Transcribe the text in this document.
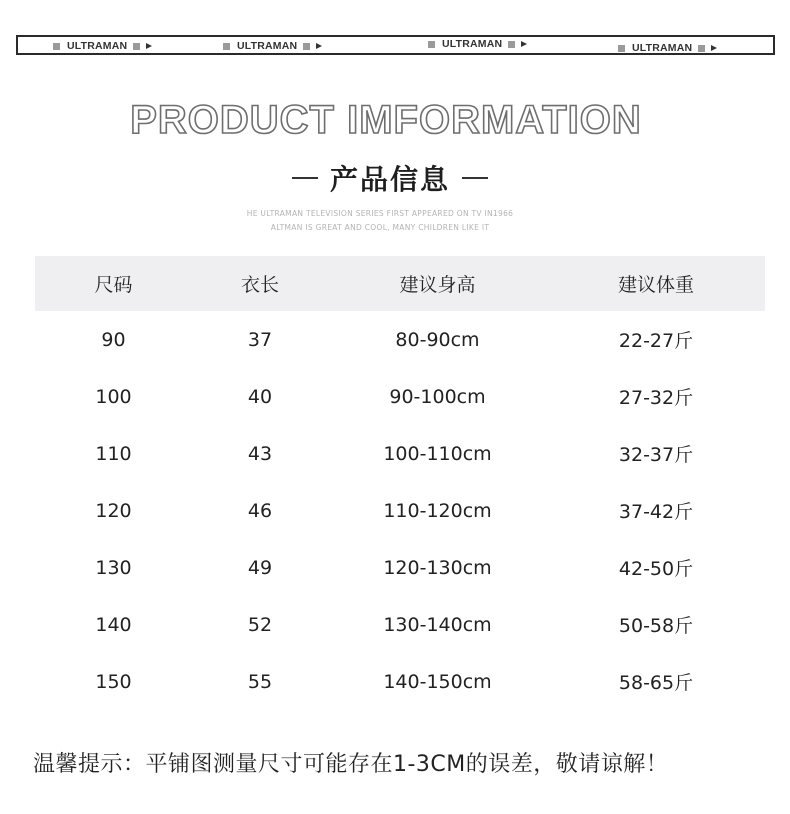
ULTRAMAN	ULTRAMAN	ULTRAMAN	ULTRAMAN
PRODUCT IMFORMATION
产品信息
HE ULTRAMAN TELEVISION SERIES FIRST APPEARED ON TV IN1966
ALTMAN IS GREAT AND COOL, MANY CHILDREN LIKE IT
尺码	衣长	建议身高	建议体重
90	37	80-90cm	22-27斤
100	40	90-100cm	27-32斤
110	43	100-110cm	32-37斤
120	46	110-120cm	37-42斤
130	49	120-130cm	42-50斤
140	52	130-140cm	50-58斤
150	55	140-150cm	58-65斤
温馨提示：平铺图测量尺寸可能存在1-3CM的误差，敬请谅解！
